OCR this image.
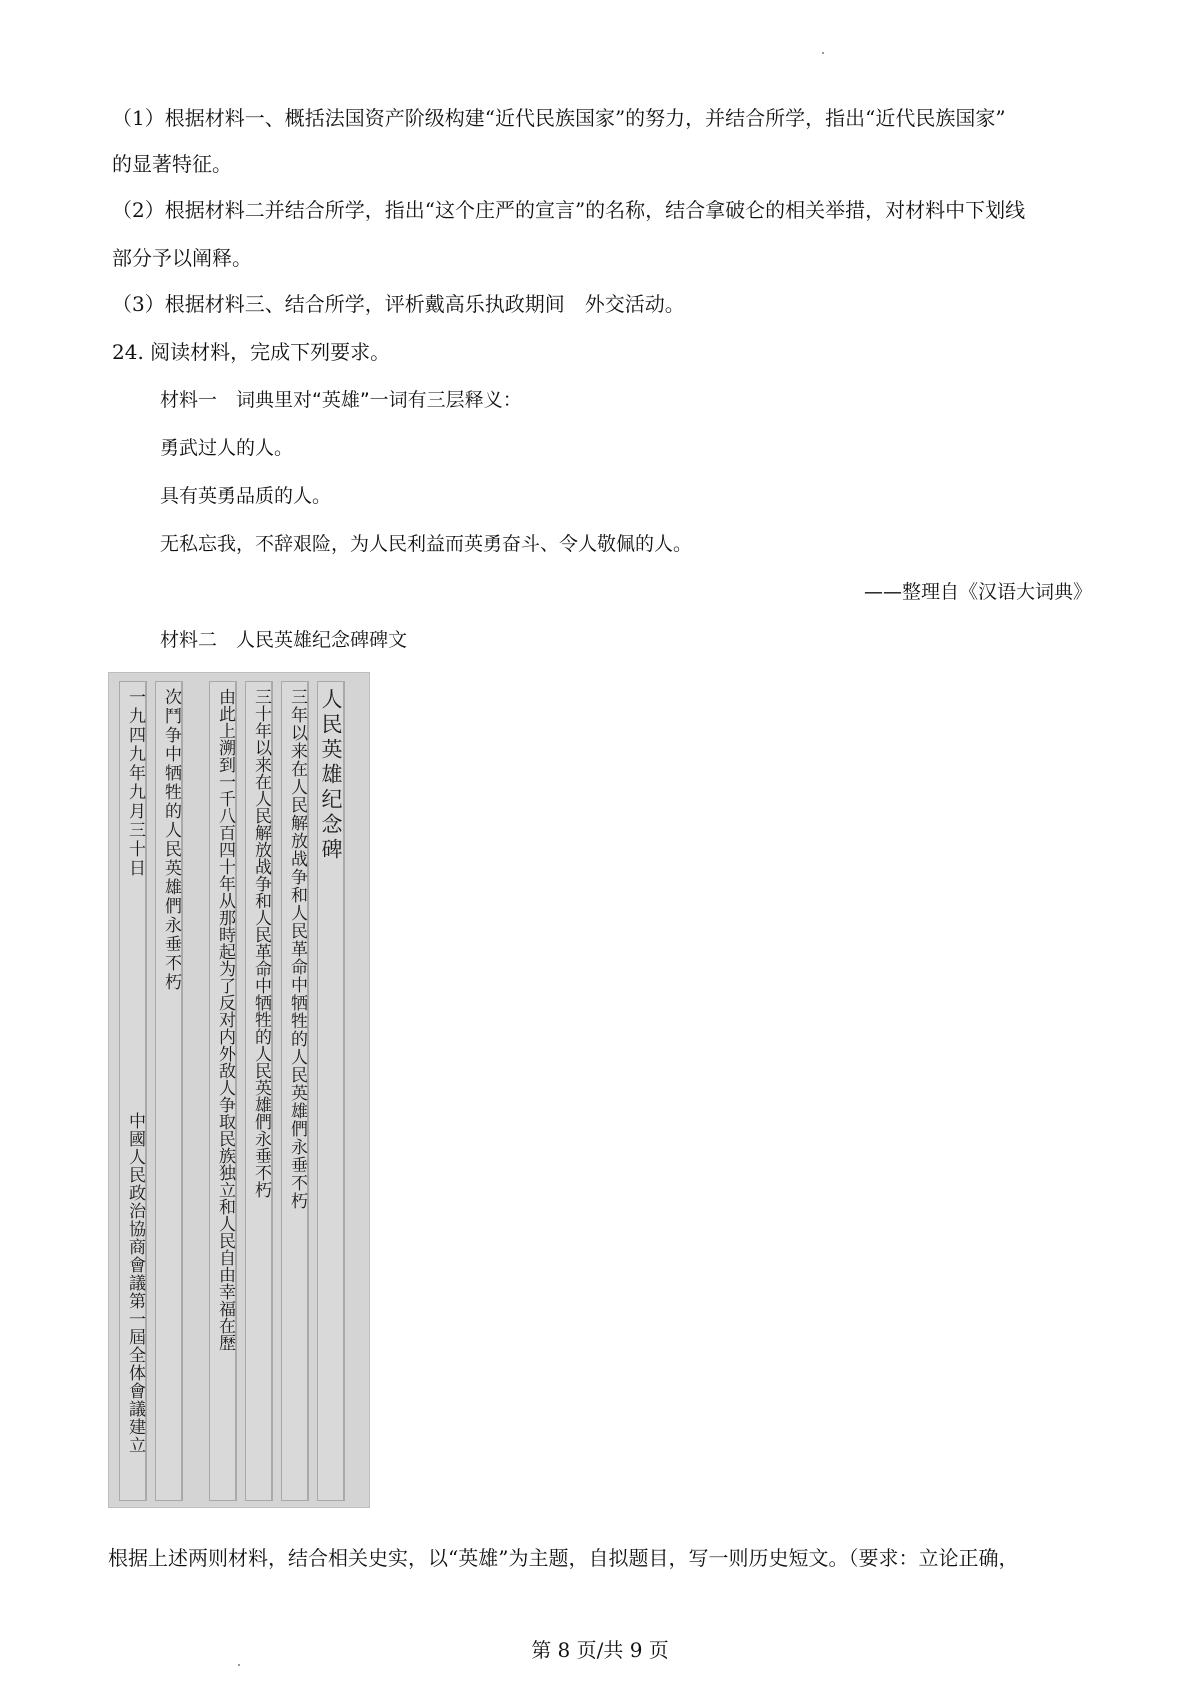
（1）根据材料一、概括法国资产阶级构建“近代民族国家”的努力，并结合所学，指出“近代民族国家”
的显著特征。
（2）根据材料二并结合所学，指出“这个庄严的宣言”的名称，结合拿破仑的相关举措，对材料中下划线
部分予以阐释。
（3）根据材料三、结合所学，评析戴高乐执政期间　外交活动。
24. 阅读材料，完成下列要求。
材料一　词典里对“英雄”一词有三层释义：
勇武过人的人。
具有英勇品质的人。
无私忘我，不辞艰险，为人民利益而英勇奋斗、令人敬佩的人。
——整理自《汉语大词典》
材料二　人民英雄纪念碑碑文
人民英雄纪念碑
三年以来在人民解放战争和人民革命中牺牲的人民英雄們永垂不朽
三十年以来在人民解放战争和人民革命中牺牲的人民英雄們永垂不朽
由此上溯到一千八百四十年从那時起为了反对内外敌人争取民族独立和人民自由幸福在歷
次鬥争中牺牲的人民英雄們永垂不朽
一九四九年九月三十日
中國人民政治協商會議第一屆全体會議建立
根据上述两则材料，结合相关史实，以“英雄”为主题，自拟题目，写一则历史短文。（要求：立论正确，
第 8 页/共 9 页
